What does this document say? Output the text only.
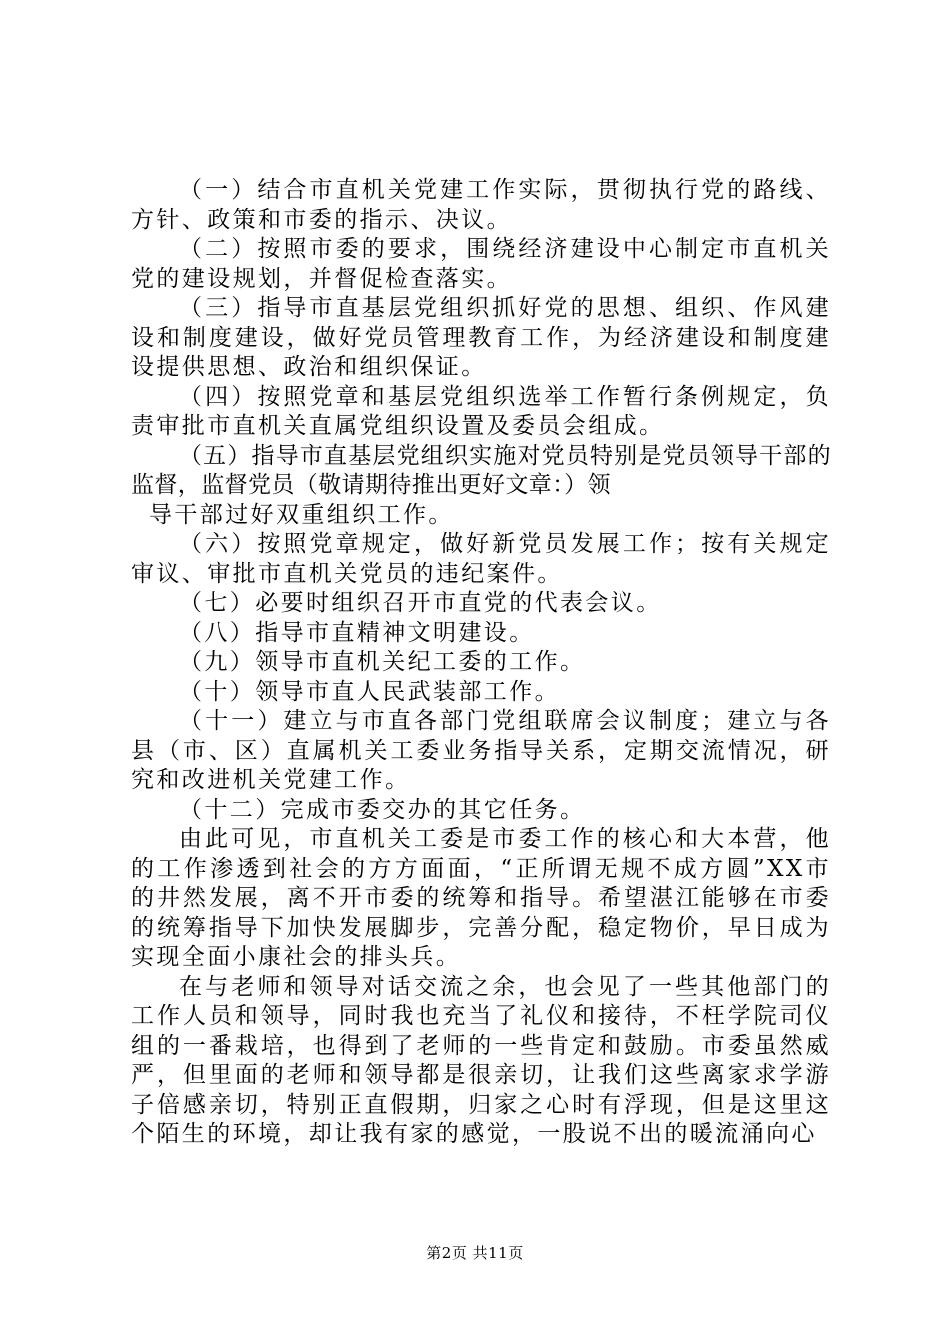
（一）结合市直机关党建工作实际，贯彻执行党的路线、方针、政策和市委的指示、决议。

（二）按照市委的要求，围绕经济建设中心制定市直机关党的建设规划，并督促检查落实。

（三）指导市直基层党组织抓好党的思想、组织、作风建设和制度建设，做好党员管理教育工作，为经济建设和制度建设提供思想、政治和组织保证。

（四）按照党章和基层党组织选举工作暂行条例规定，负责审批市直机关直属党组织设置及委员会组成。

（五）指导市直基层党组织实施对党员特别是党员领导干部的监督，监督党员（敬请期待推出更好文章：）领

导干部过好双重组织工作。

（六）按照党章规定，做好新党员发展工作；按有关规定审议、审批市直机关党员的违纪案件。

（七）必要时组织召开市直党的代表会议。

（八）指导市直精神文明建设。

（九）领导市直机关纪工委的工作。

（十）领导市直人民武装部工作。

（十一）建立与市直各部门党组联席会议制度；建立与各县（市、区）直属机关工委业务指导关系，定期交流情况，研究和改进机关党建工作。

（十二）完成市委交办的其它任务。

由此可见，市直机关工委是市委工作的核心和大本营，他的工作渗透到社会的方方面面，“正所谓无规不成方圆”XX市的井然发展，离不开市委的统筹和指导。希望湛江能够在市委的统筹指导下加快发展脚步，完善分配，稳定物价，早日成为实现全面小康社会的排头兵。

在与老师和领导对话交流之余，也会见了一些其他部门的工作人员和领导，同时我也充当了礼仪和接待，不枉学院司仪组的一番栽培，也得到了老师的一些肯定和鼓励。市委虽然威严，但里面的老师和领导都是很亲切，让我们这些离家求学游子倍感亲切，特别正直假期，归家之心时有浮现，但是这里这个陌生的环境，却让我有家的感觉，一股说不出的暖流涌向心

第2页 共11页
